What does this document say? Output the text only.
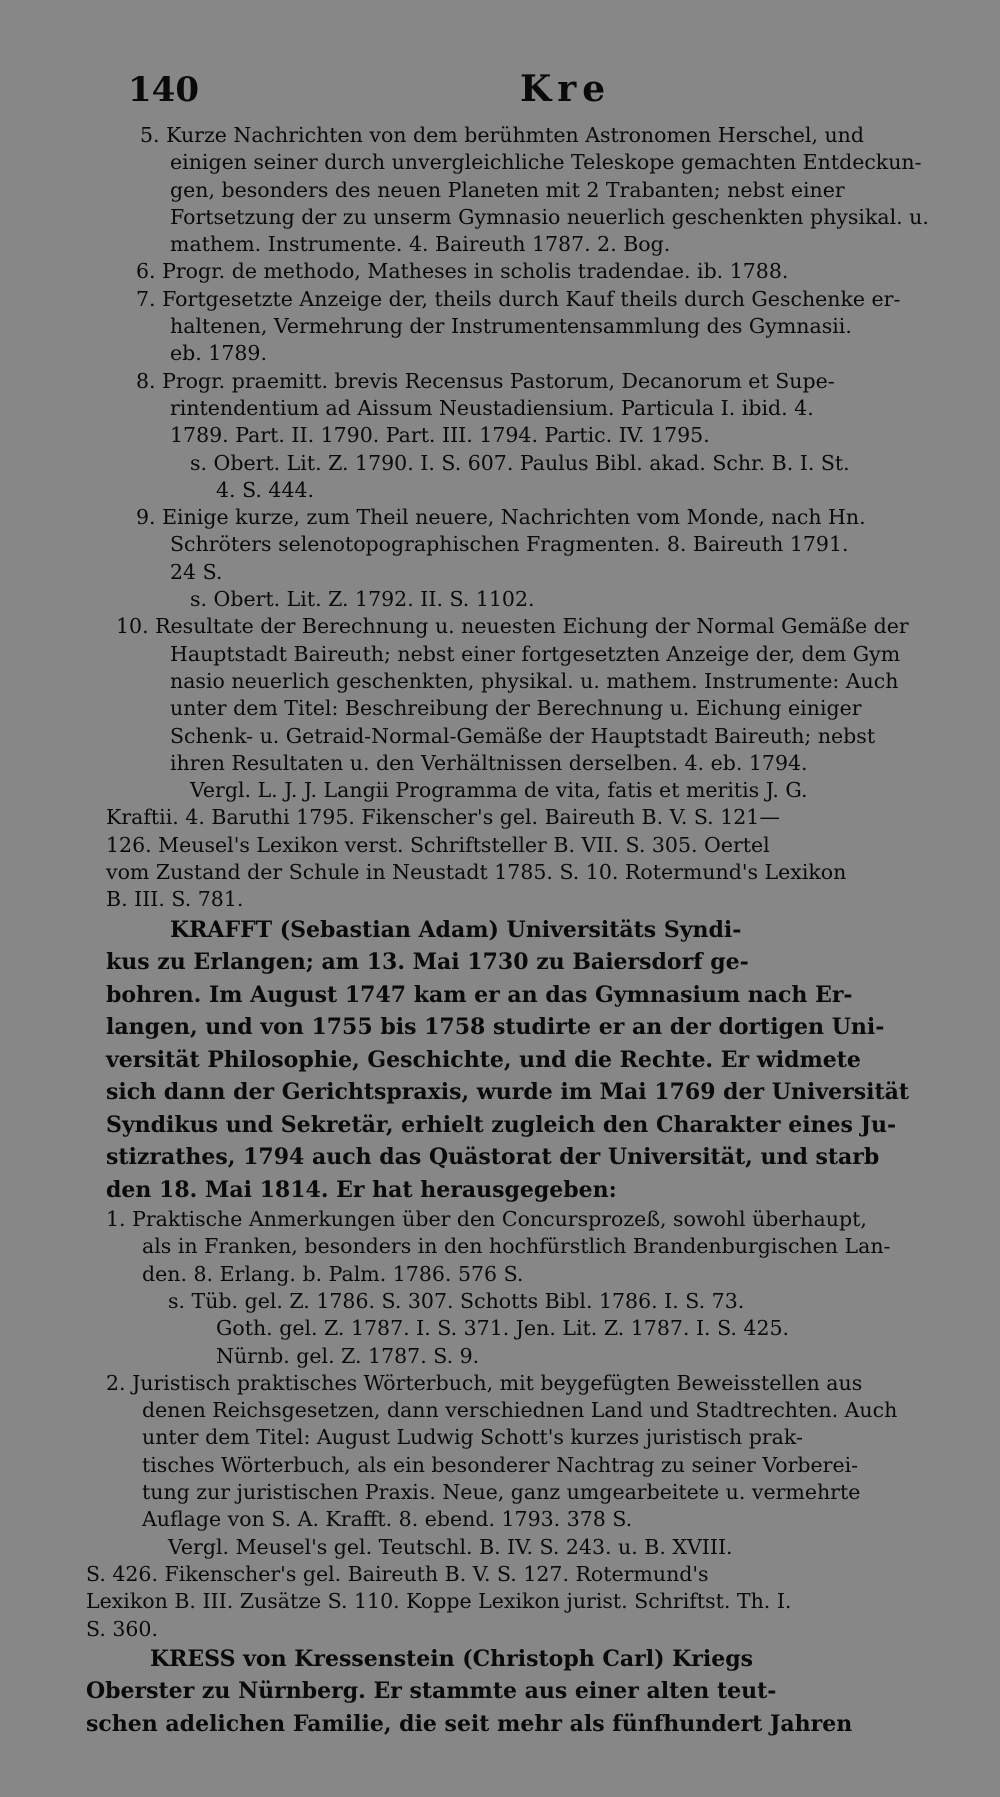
140	Kre
5. Kurze Nachrichten von dem berühmten Astronomen Herschel, und
einigen seiner durch unvergleichliche Teleskope gemachten Entdeckun-
gen, besonders des neuen Planeten mit 2 Trabanten; nebst einer
Fortsetzung der zu unserm Gymnasio neuerlich geschenkten physikal. u.
mathem. Instrumente. 4. Baireuth 1787. 2. Bog.
6. Progr. de methodo, Matheses in scholis tradendae. ib. 1788.
7. Fortgesetzte Anzeige der, theils durch Kauf theils durch Geschenke er-
haltenen, Vermehrung der Instrumentensammlung des Gymnasii.
eb. 1789.
8. Progr. praemitt. brevis Recensus Pastorum, Decanorum et Supe-
rintendentium ad Aissum Neustadiensium. Particula I. ibid. 4.
1789. Part. II. 1790. Part. III. 1794. Partic. IV. 1795.
s. Obert. Lit. Z. 1790. I. S. 607. Paulus Bibl. akad. Schr. B. I. St.
4. S. 444.
9. Einige kurze, zum Theil neuere, Nachrichten vom Monde, nach Hn.
Schröters selenotopographischen Fragmenten. 8. Baireuth 1791.
24 S.
s. Obert. Lit. Z. 1792. II. S. 1102.
10. Resultate der Berechnung u. neuesten Eichung der Normal Gemäße der
Hauptstadt Baireuth; nebst einer fortgesetzten Anzeige der, dem Gym
nasio neuerlich geschenkten, physikal. u. mathem. Instrumente: Auch
unter dem Titel: Beschreibung der Berechnung u. Eichung einiger
Schenk- u. Getraid-Normal-Gemäße der Hauptstadt Baireuth; nebst
ihren Resultaten u. den Verhältnissen derselben. 4. eb. 1794.
Vergl. L. J. J. Langii Programma de vita, fatis et meritis J. G.
Kraftii. 4. Baruthi 1795. Fikenscher's gel. Baireuth B. V. S. 121—
126. Meusel's Lexikon verst. Schriftsteller B. VII. S. 305. Oertel
vom Zustand der Schule in Neustadt 1785. S. 10. Rotermund's Lexikon
B. III. S. 781.
KRAFFT (Sebastian Adam) Universitäts Syndi-
kus zu Erlangen; am 13. Mai 1730 zu Baiersdorf ge-
bohren. Im August 1747 kam er an das Gymnasium nach Er-
langen, und von 1755 bis 1758 studirte er an der dortigen Uni-
versität Philosophie, Geschichte, und die Rechte. Er widmete
sich dann der Gerichtspraxis, wurde im Mai 1769 der Universität
Syndikus und Sekretär, erhielt zugleich den Charakter eines Ju-
stizrathes, 1794 auch das Quästorat der Universität, und starb
den 18. Mai 1814. Er hat herausgegeben:
1. Praktische Anmerkungen über den Concursprozeß, sowohl überhaupt,
als in Franken, besonders in den hochfürstlich Brandenburgischen Lan-
den. 8. Erlang. b. Palm. 1786. 576 S.
s. Tüb. gel. Z. 1786. S. 307. Schotts Bibl. 1786. I. S. 73.
Goth. gel. Z. 1787. I. S. 371. Jen. Lit. Z. 1787. I. S. 425.
Nürnb. gel. Z. 1787. S. 9.
2. Juristisch praktisches Wörterbuch, mit beygefügten Beweisstellen aus
denen Reichsgesetzen, dann verschiednen Land und Stadtrechten. Auch
unter dem Titel: August Ludwig Schott's kurzes juristisch prak-
tisches Wörterbuch, als ein besonderer Nachtrag zu seiner Vorberei-
tung zur juristischen Praxis. Neue, ganz umgearbeitete u. vermehrte
Auflage von S. A. Krafft. 8. ebend. 1793. 378 S.
Vergl. Meusel's gel. Teutschl. B. IV. S. 243. u. B. XVIII.
S. 426. Fikenscher's gel. Baireuth B. V. S. 127. Rotermund's
Lexikon B. III. Zusätze S. 110. Koppe Lexikon jurist. Schriftst. Th. I.
S. 360.
KRESS von Kressenstein (Christoph Carl) Kriegs
Oberster zu Nürnberg. Er stammte aus einer alten teut-
schen adelichen Familie, die seit mehr als fünfhundert Jahren
